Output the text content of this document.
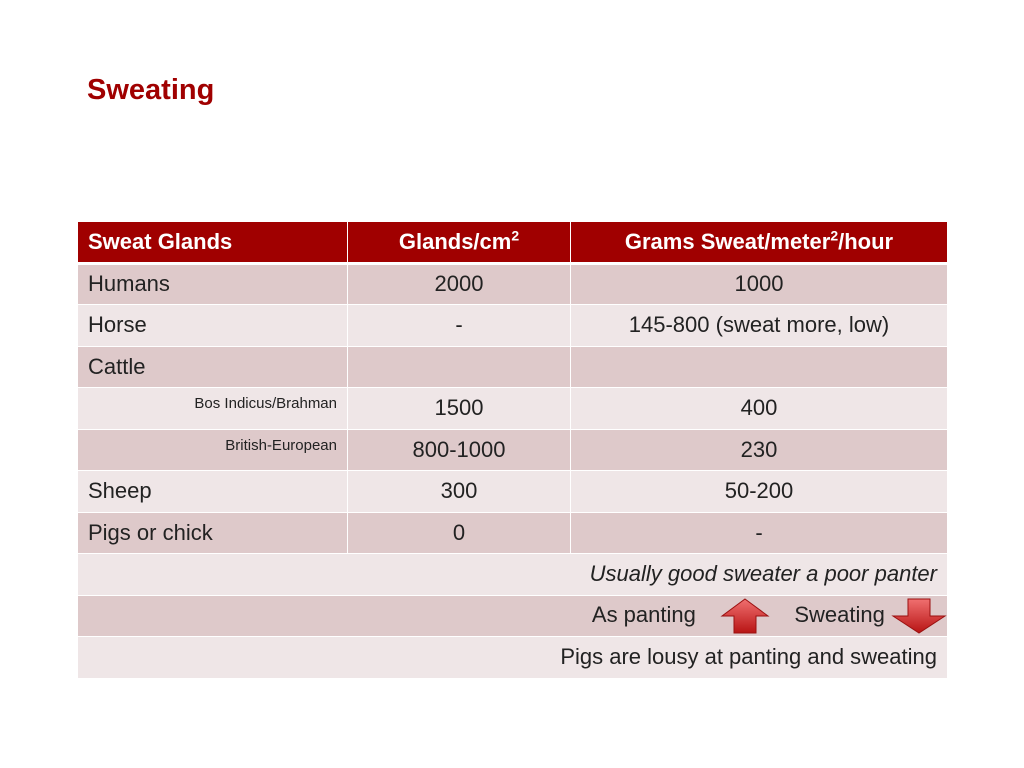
Sweating
Sweat Glands	Glands/$cm^2$	Grams Sweat/meter$^2$/hour
Humans	2000	1000
Horse	-	145-800 (sweat more, low)
Cattle		
Bos Indicus/Brahman	1500	400
British-European	800-1000	230
Sheep	300	50-200
Pigs or chick	0	-
Usually good sweater a poor panter		
As panting Sweating		
Pigs are lousy at panting and sweating		
